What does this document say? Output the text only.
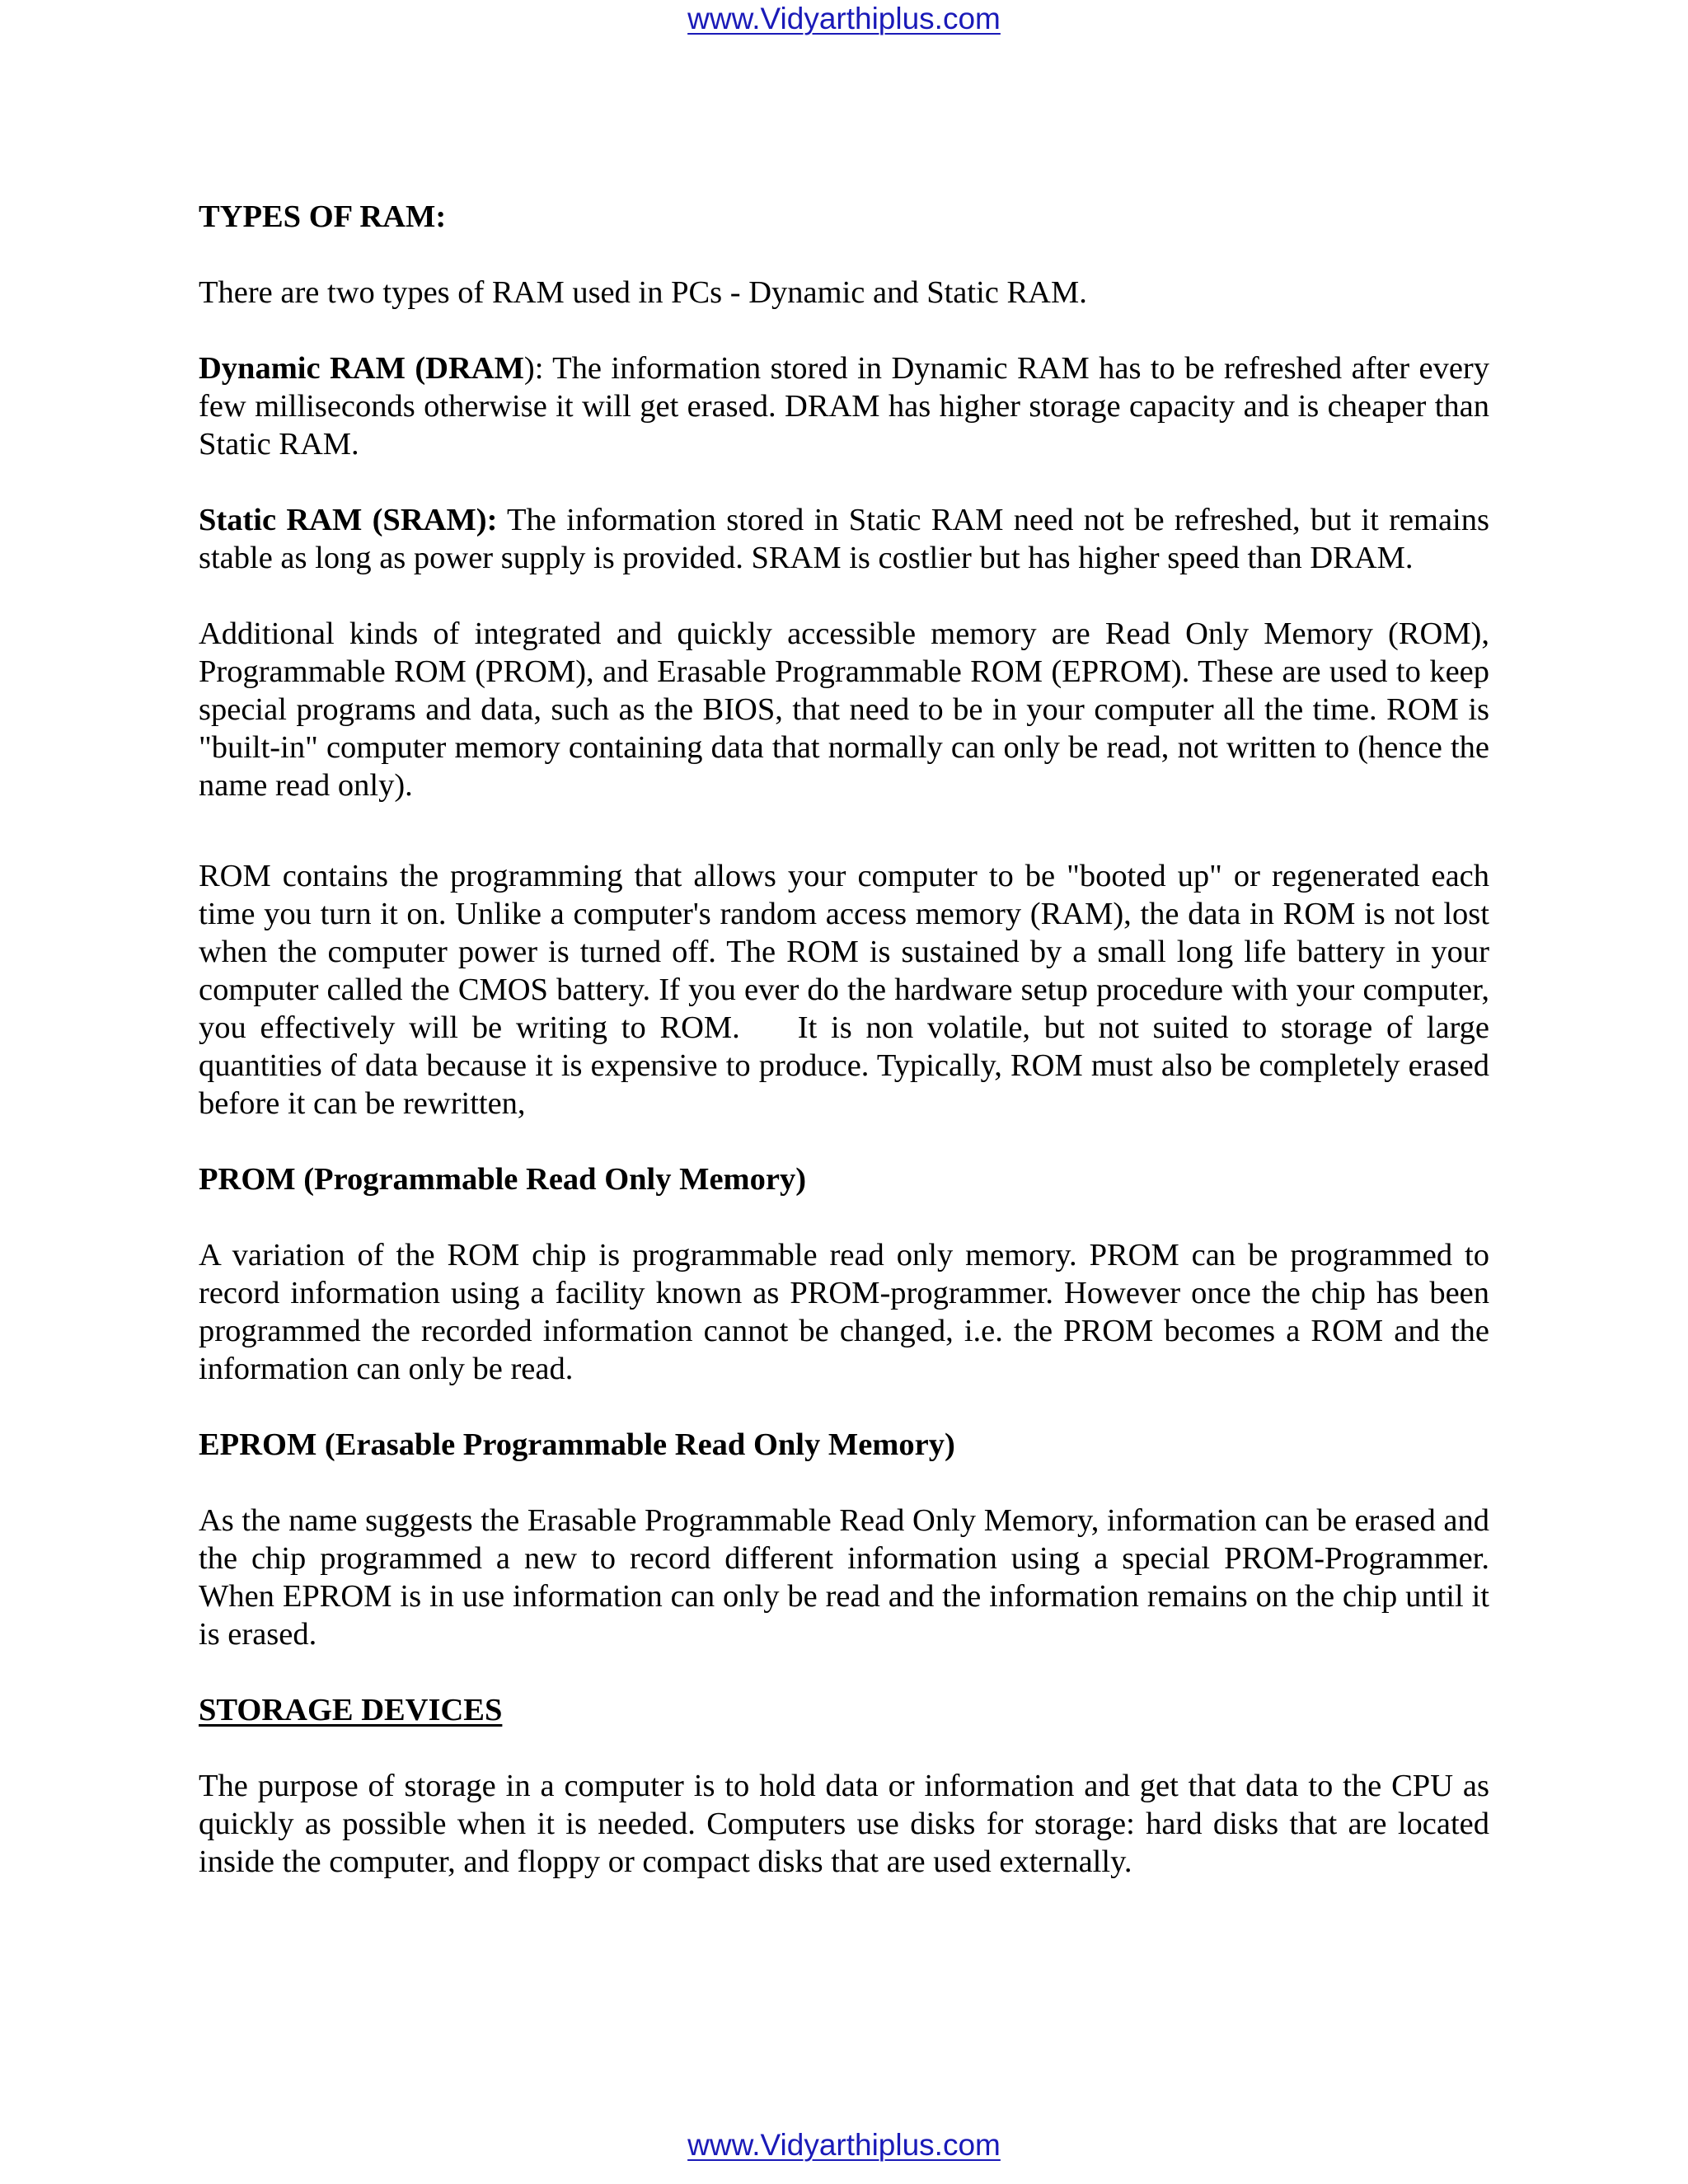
www.Vidyarthiplus.com
TYPES OF RAM:

There are two types of RAM used in PCs - Dynamic and Static RAM.

Dynamic RAM (DRAM): The information stored in Dynamic RAM has to be refreshed after every few milliseconds otherwise it will get erased. DRAM has higher storage capacity and is cheaper than Static RAM.

Static RAM (SRAM): The information stored in Static RAM need not be refreshed, but it remains stable as long as power supply is provided. SRAM is costlier but has higher speed than DRAM.

Additional kinds of integrated and quickly accessible memory are Read Only Memory (ROM), Programmable ROM (PROM), and Erasable Programmable ROM (EPROM). These are used to keep special programs and data, such as the BIOS, that need to be in your computer all the time. ROM is "built-in" computer memory containing data that normally can only be read, not written to (hence the name read only).

ROM contains the programming that allows your computer to be "booted up" or regenerated each time you turn it on. Unlike a computer's random access memory (RAM), the data in ROM is not lost when the computer power is turned off. The ROM is sustained by a small long life battery in your computer called the CMOS battery. If you ever do the hardware setup procedure with your computer, you effectively will be writing to ROM. It is non volatile, but not suited to storage of large quantities of data because it is expensive to produce. Typically, ROM must also be completely erased before it can be rewritten,

PROM (Programmable Read Only Memory)

A variation of the ROM chip is programmable read only memory. PROM can be programmed to record information using a facility known as PROM-programmer. However once the chip has been programmed the recorded information cannot be changed, i.e. the PROM becomes a ROM and the information can only be read.

EPROM (Erasable Programmable Read Only Memory)

As the name suggests the Erasable Programmable Read Only Memory, information can be erased and the chip programmed a new to record different information using a special PROM-Programmer. When EPROM is in use information can only be read and the information remains on the chip until it is erased.

STORAGE DEVICES

The purpose of storage in a computer is to hold data or information and get that data to the CPU as quickly as possible when it is needed. Computers use disks for storage: hard disks that are located inside the computer, and floppy or compact disks that are used externally.

www.Vidyarthiplus.com
